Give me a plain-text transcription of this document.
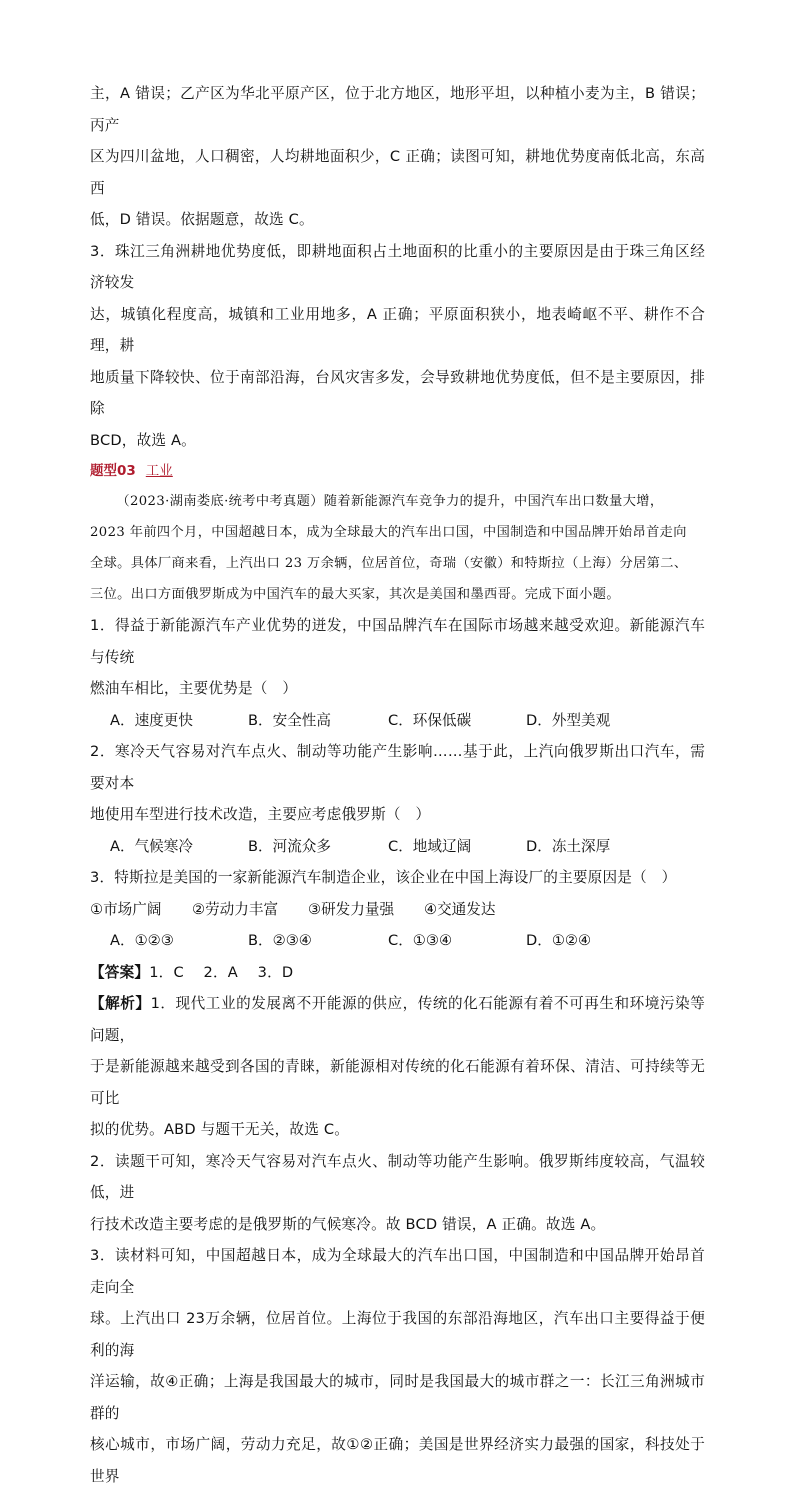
主，A 错误；乙产区为华北平原产区，位于北方地区，地形平坦，以种植小麦为主，B 错误；丙产

区为四川盆地，人口稠密，人均耕地面积少，C 正确；读图可知，耕地优势度南低北高，东高西

低，D 错误。依据题意，故选 C。

3．珠江三角洲耕地优势度低，即耕地面积占土地面积的比重小的主要原因是由于珠三角区经济较发

达，城镇化程度高，城镇和工业用地多，A 正确；平原面积狭小，地表崎岖不平、耕作不合理，耕

地质量下降较快、位于南部沿海，台风灾害多发，会导致耕地优势度低，但不是主要原因，排除

BCD，故选 A。

题型03 工业

（2023·湖南娄底·统考中考真题）随着新能源汽车竞争力的提升，中国汽车出口数量大增，

2023 年前四个月，中国超越日本，成为全球最大的汽车出口国，中国制造和中国品牌开始昂首走向

全球。具体厂商来看，上汽出口 23 万余辆，位居首位，奇瑞（安徽）和特斯拉（上海）分居第二、

三位。出口方面俄罗斯成为中国汽车的最大买家，其次是美国和墨西哥。完成下面小题。

1．得益于新能源汽车产业优势的迸发，中国品牌汽车在国际市场越来越受欢迎。新能源汽车与传统

燃油车相比，主要优势是（　）

A．速度更快	B．安全性高	C．环保低碳	D．外型美观

2．寒冷天气容易对汽车点火、制动等功能产生影响……基于此，上汽向俄罗斯出口汽车，需要对本

地使用车型进行技术改造，主要应考虑俄罗斯（　）

A．气候寒冷	B．河流众多	C．地域辽阔	D．冻土深厚

3．特斯拉是美国的一家新能源汽车制造企业，该企业在中国上海设厂的主要原因是（　）

①市场广阔 ②劳动力丰富 ③研发力量强 ④交通发达

A．①②③	B．②③④	C．①③④	D．①②④

【答案】1．C　 2．A　 3．D

【解析】1．现代工业的发展离不开能源的供应，传统的化石能源有着不可再生和环境污染等问题，

于是新能源越来越受到各国的青睐，新能源相对传统的化石能源有着环保、清洁、可持续等无可比

拟的优势。ABD 与题干无关，故选 C。

2．读题干可知，寒冷天气容易对汽车点火、制动等功能产生影响。俄罗斯纬度较高，气温较低，进

行技术改造主要考虑的是俄罗斯的气候寒冷。故 BCD 错误，A 正确。故选 A。

3．读材料可知，中国超越日本，成为全球最大的汽车出口国，中国制造和中国品牌开始昂首走向全

球。上汽出口 23万余辆，位居首位。上海位于我国的东部沿海地区，汽车出口主要得益于便利的海

洋运输，故④正确；上海是我国最大的城市，同时是我国最大的城市群之一：长江三角洲城市群的

核心城市，市场广阔，劳动力充足，故①②正确；美国是世界经济实力最强的国家，科技处于世界
